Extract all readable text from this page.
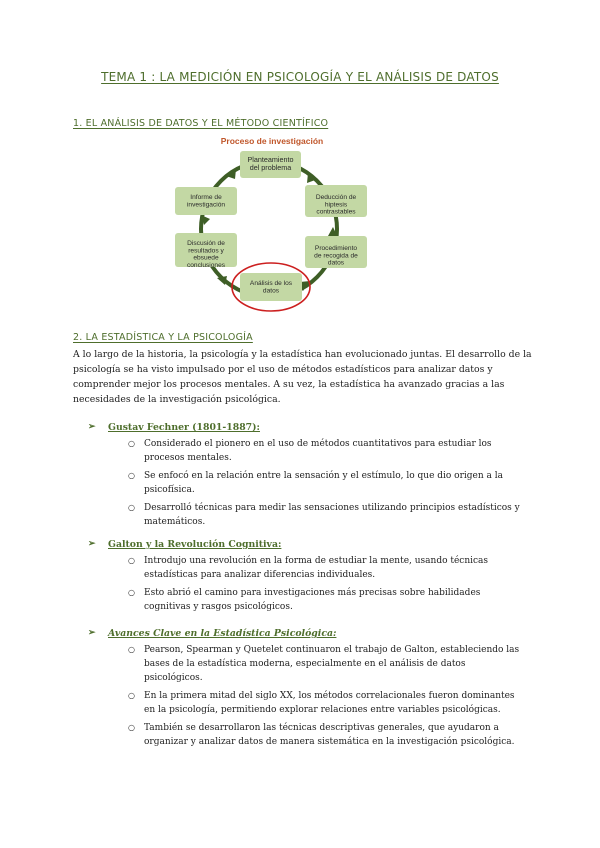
TEMA 1 : LA MEDICIÓN EN PSICOLOGÍA Y EL ANÁLISIS DE DATOS
1. EL ANÁLISIS DE DATOS Y EL MÉTODO CIENTÍFICO
Proceso de investigación
Planteamiento del problema
Deducción de hiptesis contrastables
Procedimiento de recogida de datos
Análisis de los datos
Discusión de resultados y ebsuede conclusiones
Informe de investigación
2. LA ESTADÍSTICA Y LA PSICOLOGÍA

A lo largo de la historia, la psicología y la estadística han evolucionado juntas. El desarrollo de la psicología se ha visto impulsado por el uso de métodos estadísticos para analizar datos y comprender mejor los procesos mentales. A su vez, la estadística ha avanzado gracias a las necesidades de la investigación psicológica.

➢	Gustav Fechner (1801-1887):
○ Considerado el pionero en el uso de métodos cuantitativos para estudiar los procesos mentales.
○ Se enfocó en la relación entre la sensación y el estímulo, lo que dio origen a la psicofísica.
○ Desarrolló técnicas para medir las sensaciones utilizando principios estadísticos y matemáticos.
➢	Galton y la Revolución Cognitiva:
○ Introdujo una revolución en la forma de estudiar la mente, usando técnicas estadísticas para analizar diferencias individuales.
○ Esto abrió el camino para investigaciones más precisas sobre habilidades cognitivas y rasgos psicológicos.
➢	Avances Clave en la Estadística Psicológica:
○ Pearson, Spearman y Quetelet continuaron el trabajo de Galton, estableciendo las bases de la estadística moderna, especialmente en el análisis de datos psicológicos.
○ En la primera mitad del siglo XX, los métodos correlacionales fueron dominantes en la psicología, permitiendo explorar relaciones entre variables psicológicas.
○ También se desarrollaron las técnicas descriptivas generales, que ayudaron a organizar y analizar datos de manera sistemática en la investigación psicológica.
